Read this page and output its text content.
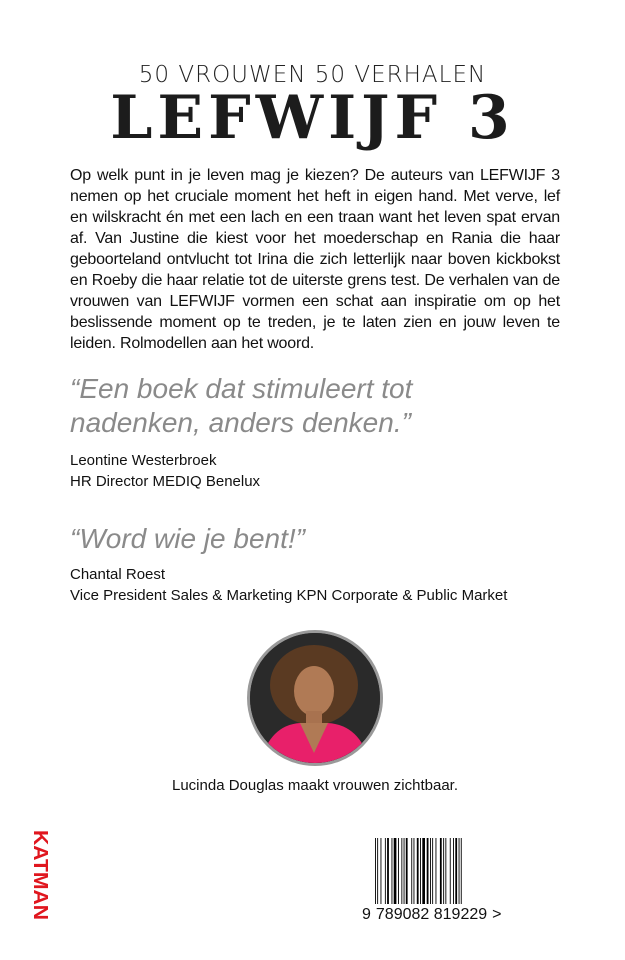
50 VROUWEN 50 VERHALEN
LEFWIJF 3
Op welk punt in je leven mag je kiezen? De auteurs van LEFWIJF 3 nemen op het cruciale moment het heft in eigen hand. Met verve, lef en wilskracht én met een lach en een traan want het leven spat ervan af. Van Justine die kiest voor het moederschap en Rania die haar geboorteland ontvlucht tot Irina die zich letterlijk naar boven kickbokst en Roeby die haar relatie tot de uiterste grens test. De verhalen van de vrouwen van LEFWIJF vormen een schat aan inspiratie om op het beslissende moment op te treden, je te laten zien en jouw leven te leiden. Rolmodellen aan het woord.
“Een boek dat stimuleert tot nadenken, anders denken.”
Leontine Westerbroek
HR Director MEDIQ Benelux
“Word wie je bent!”
Chantal Roest
Vice President Sales & Marketing KPN Corporate & Public Market
Lucinda Douglas maakt vrouwen zichtbaar.
KATMAN	9 789082 819229 >
